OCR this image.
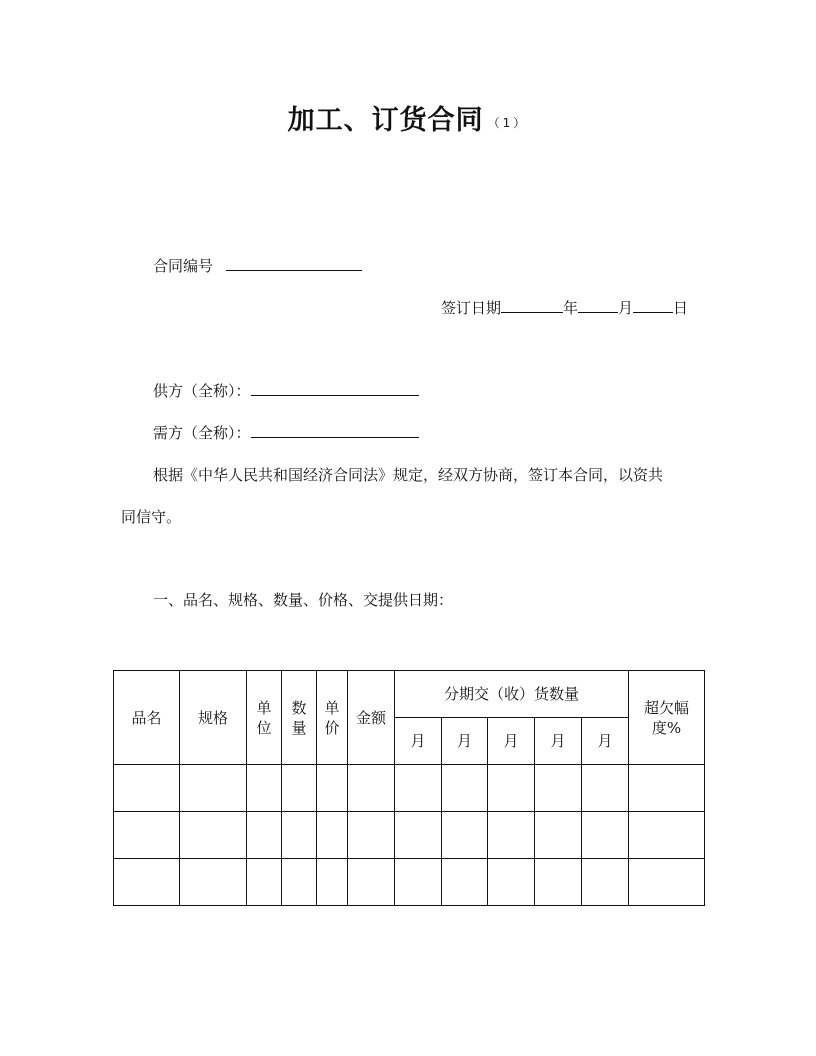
加工、订货合同 （1）
合同编号
签订日期	年	月	日
供方（全称）：
需方（全称）：
根据《中华人民共和国经济合同法》规定，经双方协商，签订本合同，以资共
同信守。
一、品名、规格、数量、价格、交提供日期：
品名	规格	单位	数量	单价	金额	分期交（收）货数量					超欠幅度%
						月	月	月	月	月	
